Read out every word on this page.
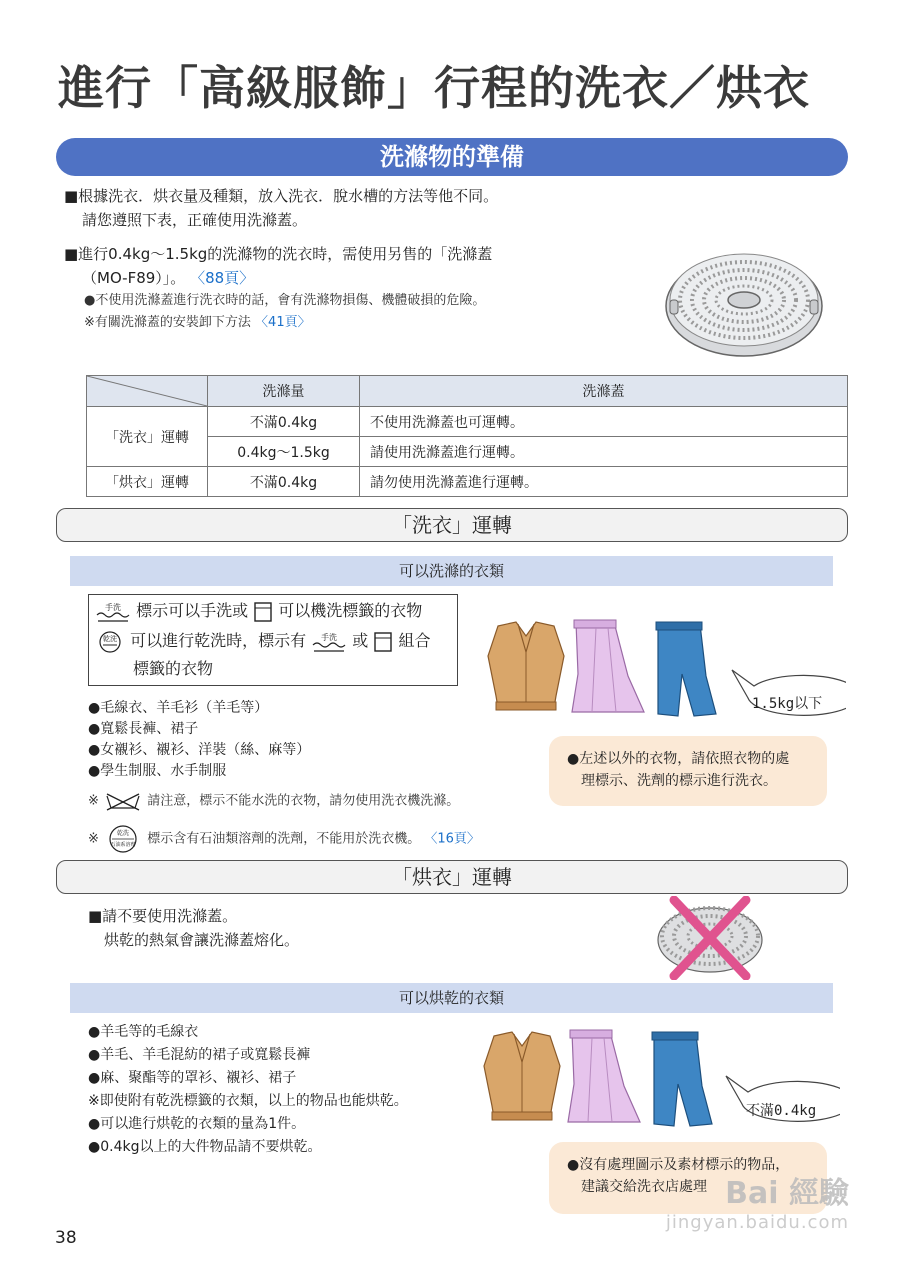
進行「高級服飾」行程的洗衣／烘衣
洗滌物的準備
■根據洗衣．烘衣量及種類，放入洗衣．脫水槽的方法等他不同。
請您遵照下表，正確使用洗滌蓋。
■進行0.4kg～1.5kg的洗滌物的洗衣時，需使用另售的「洗滌蓋
（MO-F89）」。 〈88頁〉
●不使用洗滌蓋進行洗衣時的話，會有洗滌物損傷、機體破損的危險。
※有關洗滌蓋的安裝卸下方法 〈41頁〉
	洗滌量	洗滌蓋
「洗衣」運轉	不滿0.4kg	不使用洗滌蓋也可運轉。
	0.4kg～1.5kg	請使用洗滌蓋進行運轉。
「烘衣」運轉	不滿0.4kg	請勿使用洗滌蓋進行運轉。
「洗衣」運轉
可以洗滌的衣類
手洗 標示可以手洗或 可以機洗標籤的衣物
乾洗 可以進行乾洗時，標示有 手洗 或 組合
標籤的衣物
●毛線衣、羊毛衫（羊毛等）
●寬鬆長褲、裙子
●女襯衫、襯衫、洋裝（絲、麻等）
●學生制服、水手制服
※	請注意，標示不能水洗的衣物，請勿使用洗衣機洗滌。
※	乾洗
石油系溶劑 標示含有石油類溶劑的洗劑，不能用於洗衣機。 〈16頁〉
1.5kg以下
●左述以外的衣物，請依照衣物的處
理標示、洗劑的標示進行洗衣。
「烘衣」運轉
■請不要使用洗滌蓋。
烘乾的熱氣會讓洗滌蓋熔化。
可以烘乾的衣類
●羊毛等的毛線衣
●羊毛、羊毛混紡的裙子或寬鬆長褲
●麻、聚酯等的罩衫、襯衫、裙子
※即使附有乾洗標籤的衣類，以上的物品也能烘乾。
●可以進行烘乾的衣類的量為1件。
●0.4kg以上的大件物品請不要烘乾。
不滿0.4kg
●沒有處理圖示及素材標示的物品，
建議交給洗衣店處理
38
Bai 經驗
jingyan.baidu.com
